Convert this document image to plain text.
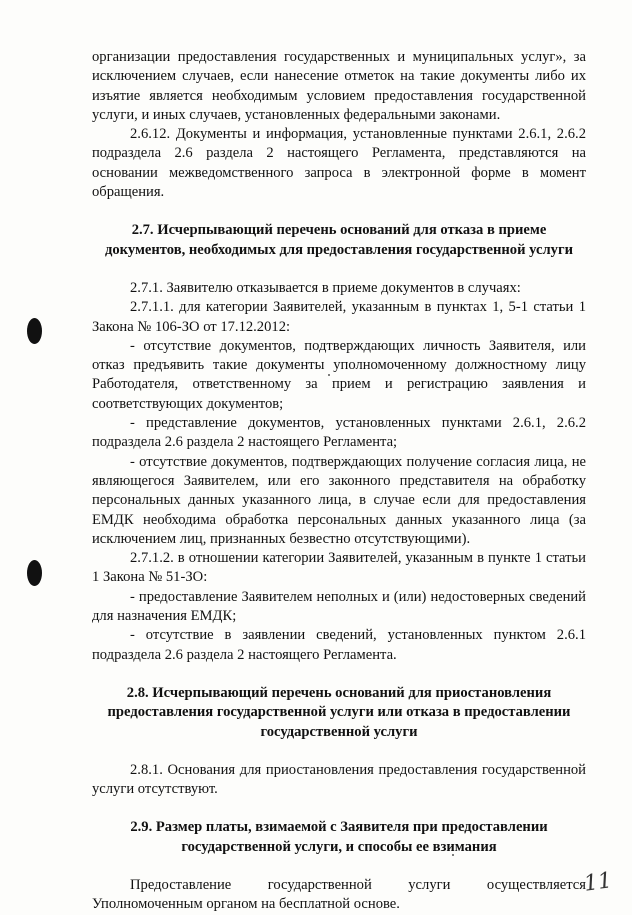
организации предоставления государственных и муниципальных услуг», за исключением случаев, если нанесение отметок на такие документы либо их изъятие является необходимым условием предоставления государственной услуги, и иных случаев, установленных федеральными законами.

2.6.12. Документы и информация, установленные пунктами 2.6.1, 2.6.2 подраздела 2.6 раздела 2 настоящего Регламента, представляются на основании межведомственного запроса в электронной форме в момент обращения.

2.7. Исчерпывающий перечень оснований для отказа в приеме
документов, необходимых для предоставления государственной услуги

2.7.1. Заявителю отказывается в приеме документов в случаях:

2.7.1.1. для категории Заявителей, указанным в пунктах 1, 5-1 статьи 1 Закона № 106-ЗО от 17.12.2012:

- отсутствие документов, подтверждающих личность Заявителя, или отказ предъявить такие документы уполномоченному должностному лицу Работодателя, ответственному за прием и регистрацию заявления и соответствующих документов;

- представление документов, установленных пунктами 2.6.1, 2.6.2 подраздела 2.6 раздела 2 настоящего Регламента;

- отсутствие документов, подтверждающих получение согласия лица, не являющегося Заявителем, или его законного представителя на обработку персональных данных указанного лица, в случае если для предоставления ЕМДК необходима обработка персональных данных указанного лица (за исключением лиц, признанных безвестно отсутствующими).

2.7.1.2. в отношении категории Заявителей, указанным в пункте 1 статьи 1 Закона № 51-ЗО:

- предоставление Заявителем неполных и (или) недостоверных сведений для назначения ЕМДК;

- отсутствие в заявлении сведений, установленных пунктом 2.6.1 подраздела 2.6 раздела 2 настоящего Регламента.

2.8. Исчерпывающий перечень оснований для приостановления
предоставления государственной услуги или отказа в предоставлении
государственной услуги

2.8.1. Основания для приостановления предоставления государственной услуги отсутствуют.

2.9. Размер платы, взимаемой с Заявителя при предоставлении
государственной услуги, и способы ее взимания

Предоставление государственной услуги осуществляется Уполномоченным органом на бесплатной основе.

11
